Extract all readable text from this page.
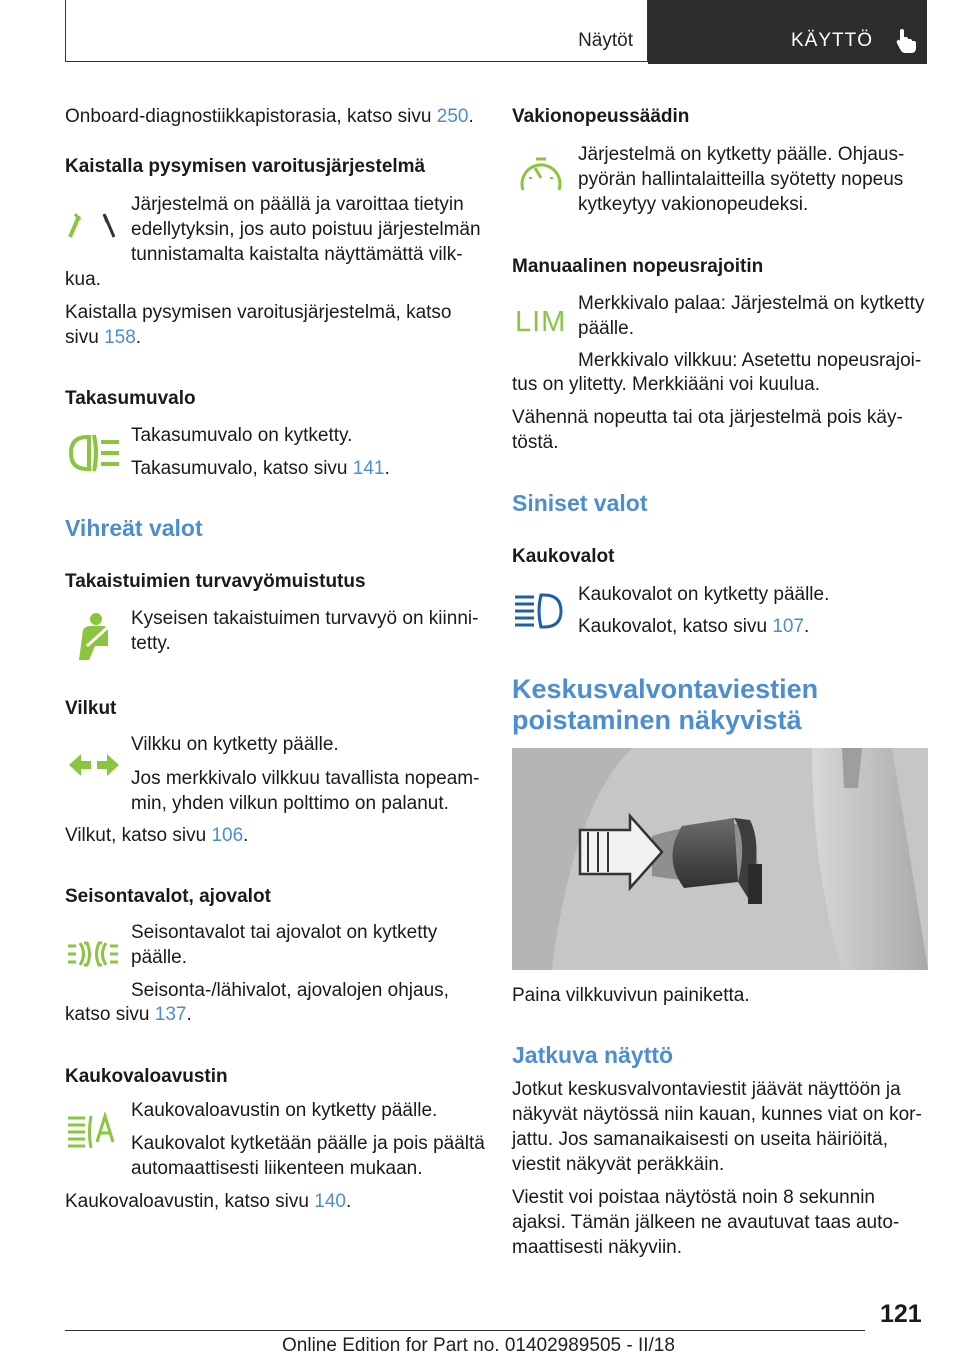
Näytöt	KÄYTTÖ
Onboard-diagnostiikkapistorasia, katso sivu 250.
Kaistalla pysymisen varoitusjärjestelmä
Järjestelmä on päällä ja varoittaa tietyin
edellytyksin, jos auto poistuu järjestelmän
tunnistamalta kaistalta näyttämättä vilk-
kua.
Kaistalla pysymisen varoitusjärjestelmä, katso
sivu 158.
Takasumuvalo
Takasumuvalo on kytketty.
Takasumuvalo, katso sivu 141.
Vihreät valot
Takaistuimien turvavyömuistutus
Kyseisen takaistuimen turvavyö on kiinni-
tetty.
Vilkut
Vilkku on kytketty päälle.
Jos merkkivalo vilkkuu tavallista nopeam-
min, yhden vilkun polttimo on palanut.
Vilkut, katso sivu 106.
Seisontavalot, ajovalot
Seisontavalot tai ajovalot on kytketty
päälle.
Seisonta-/lähivalot, ajovalojen ohjaus,
katso sivu 137.
Kaukovaloavustin
Kaukovaloavustin on kytketty päälle.
Kaukovalot kytketään päälle ja pois päältä
automaattisesti liikenteen mukaan.
Kaukovaloavustin, katso sivu 140.
Vakionopeussäädin
Järjestelmä on kytketty päälle. Ohjaus-
pyörän hallintalaitteilla syötetty nopeus
kytkeytyy vakionopeudeksi.
Manuaalinen nopeusrajoitin
LIM
Merkkivalo palaa: Järjestelmä on kytketty
päälle.
Merkkivalo vilkkuu: Asetettu nopeusrajoi-
tus on ylitetty. Merkkiääni voi kuulua.
Vähennä nopeutta tai ota järjestelmä pois käy-
töstä.
Siniset valot
Kaukovalot
Kaukovalot on kytketty päälle.
Kaukovalot, katso sivu 107.
Keskusvalvontaviestien
poistaminen näkyvistä
Paina vilkkuvivun painiketta.
Jatkuva näyttö
Jotkut keskusvalvontaviestit jäävät näyttöön ja
näkyvät näytössä niin kauan, kunnes viat on kor-
jattu. Jos samanaikaisesti on useita häiriöitä,
viestit näkyvät peräkkäin.
Viestit voi poistaa näytöstä noin 8 sekunnin
ajaksi. Tämän jälkeen ne avautuvat taas auto-
maattisesti näkyviin.
121
Online Edition for Part no. 01402989505 - II/18
